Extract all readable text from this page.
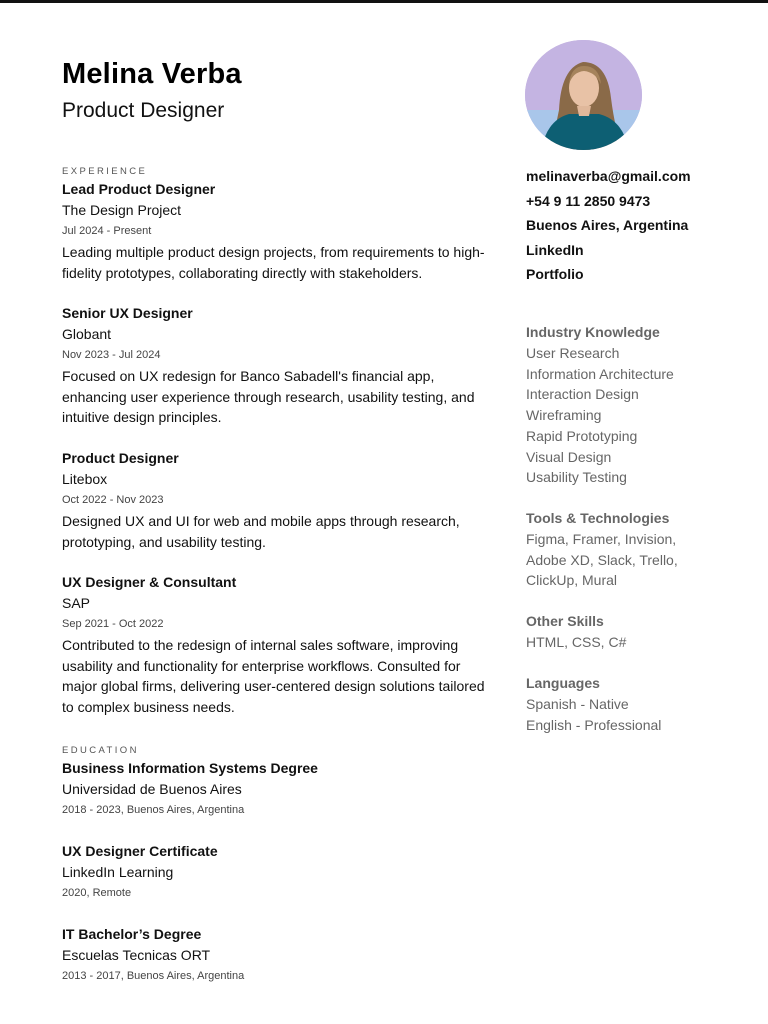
Melina Verba
Product Designer
EXPERIENCE
Lead Product Designer
The Design Project
Jul 2024 - Present
Leading multiple product design projects, from requirements to high-fidelity prototypes, collaborating directly with stakeholders.
Senior UX Designer
Globant
Nov 2023 - Jul 2024
Focused on UX redesign for Banco Sabadell's financial app, enhancing user experience through research, usability testing, and intuitive design principles.
Product Designer
Litebox
Oct 2022 - Nov 2023
Designed UX and UI for web and mobile apps through research, prototyping, and usability testing.
UX Designer & Consultant
SAP
Sep 2021 - Oct 2022
Contributed to the redesign of internal sales software, improving usability and functionality for enterprise workflows. Consulted for major global firms, delivering user-centered design solutions tailored to complex business needs.
EDUCATION
Business Information Systems Degree
Universidad de Buenos Aires
2018 - 2023, Buenos Aires, Argentina
UX Designer Certificate
LinkedIn Learning
2020, Remote
IT Bachelor’s Degree
Escuelas Tecnicas ORT
2013 - 2017, Buenos Aires, Argentina
melinaverba@gmail.com
+54 9 11 2850 9473
Buenos Aires, Argentina
LinkedIn
Portfolio
Industry Knowledge
User Research
Information Architecture
Interaction Design
Wireframing
Rapid Prototyping
Visual Design
Usability Testing
Tools & Technologies
Figma, Framer, Invision,
Adobe XD, Slack, Trello,
ClickUp, Mural
Other Skills
HTML, CSS, C#
Languages
Spanish - Native
English - Professional
